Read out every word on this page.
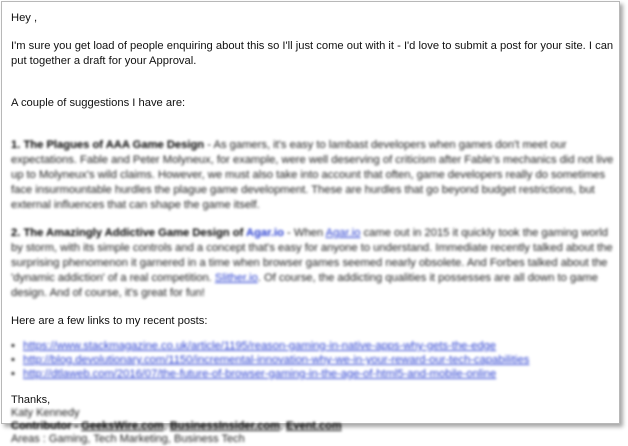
Hey ,

I'm sure you get load of people enquiring about this so I'll just come out with it - I'd love to submit a post for your site. I can put together a draft for your Approval.

A couple of suggestions I have are:

1. The Plagues of AAA Game Design - As gamers, it's easy to lambast developers when games don't meet our expectations. Fable and Peter Molyneux, for example, were well deserving of criticism after Fable's mechanics did not live up to Molyneux's wild claims. However, we must also take into account that often, game developers really do sometimes face insurmountable hurdles the plague game development. These are hurdles that go beyond budget restrictions, but external influences that can shape the game itself.

2. The Amazingly Addictive Game Design of Agar.io - When Agar.io came out in 2015 it quickly took the gaming world by storm, with its simple controls and a concept that's easy for anyone to understand. Immediate recently talked about the surprising phenomenon it garnered in a time when browser games seemed nearly obsolete. And Forbes talked about the 'dynamic addiction' of a real competition. Slither.io. Of course, the addicting qualities it possesses are all down to game design. And of course, it's great for fun!

Here are a few links to my recent posts:

• https://www.stackmagazine.co.uk/article/1195/reason-gaming-in-native-apps-why-gets-the-edge
• http://blog.devolutionary.com/1150/incremental-innovation-why-we-in-your-reward-our-tech-capabilities
• http://dtlaweb.com/2016/07/the-future-of-browser-gaming-in-the-age-of-html5-and-mobile-online

Thanks,

Katy Kennedy
Contributor - GeeksWire.com, BusinessInsider.com, Event.com
Areas : Gaming, Tech Marketing, Business Tech
